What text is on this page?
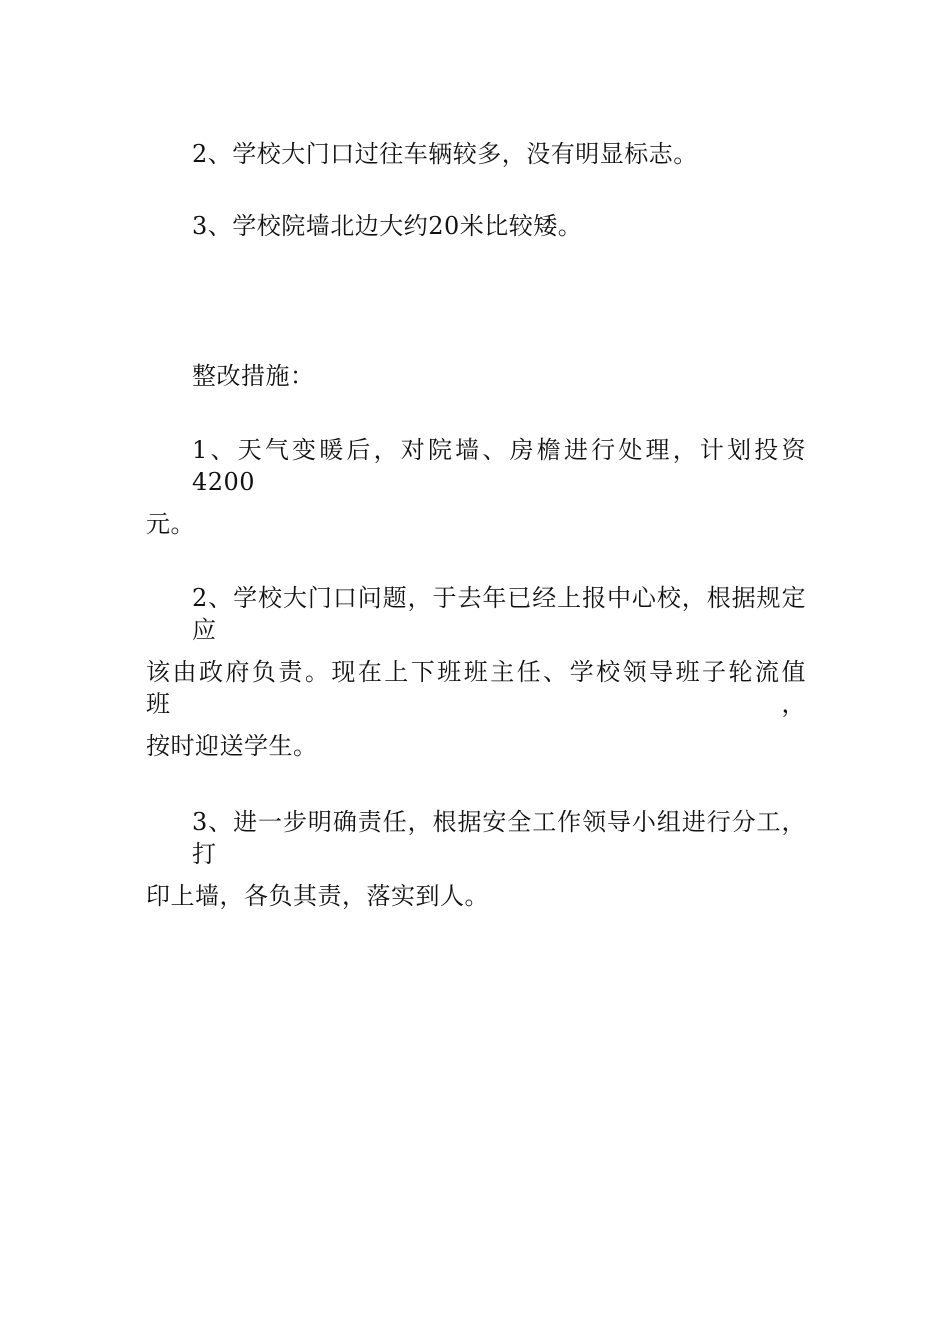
2、学校大门口过往车辆较多，没有明显标志。
3、学校院墙北边大约20米比较矮。
整改措施：
1、天气变暖后，对院墙、房檐进行处理，计划投资 4200
元。
2、学校大门口问题，于去年已经上报中心校，根据规定应
该由政府负责。现在上下班班主任、学校领导班子轮流值班，
按时迎送学生。
3、进一步明确责任，根据安全工作领导小组进行分工，打
印上墙，各负其责，落实到人。
